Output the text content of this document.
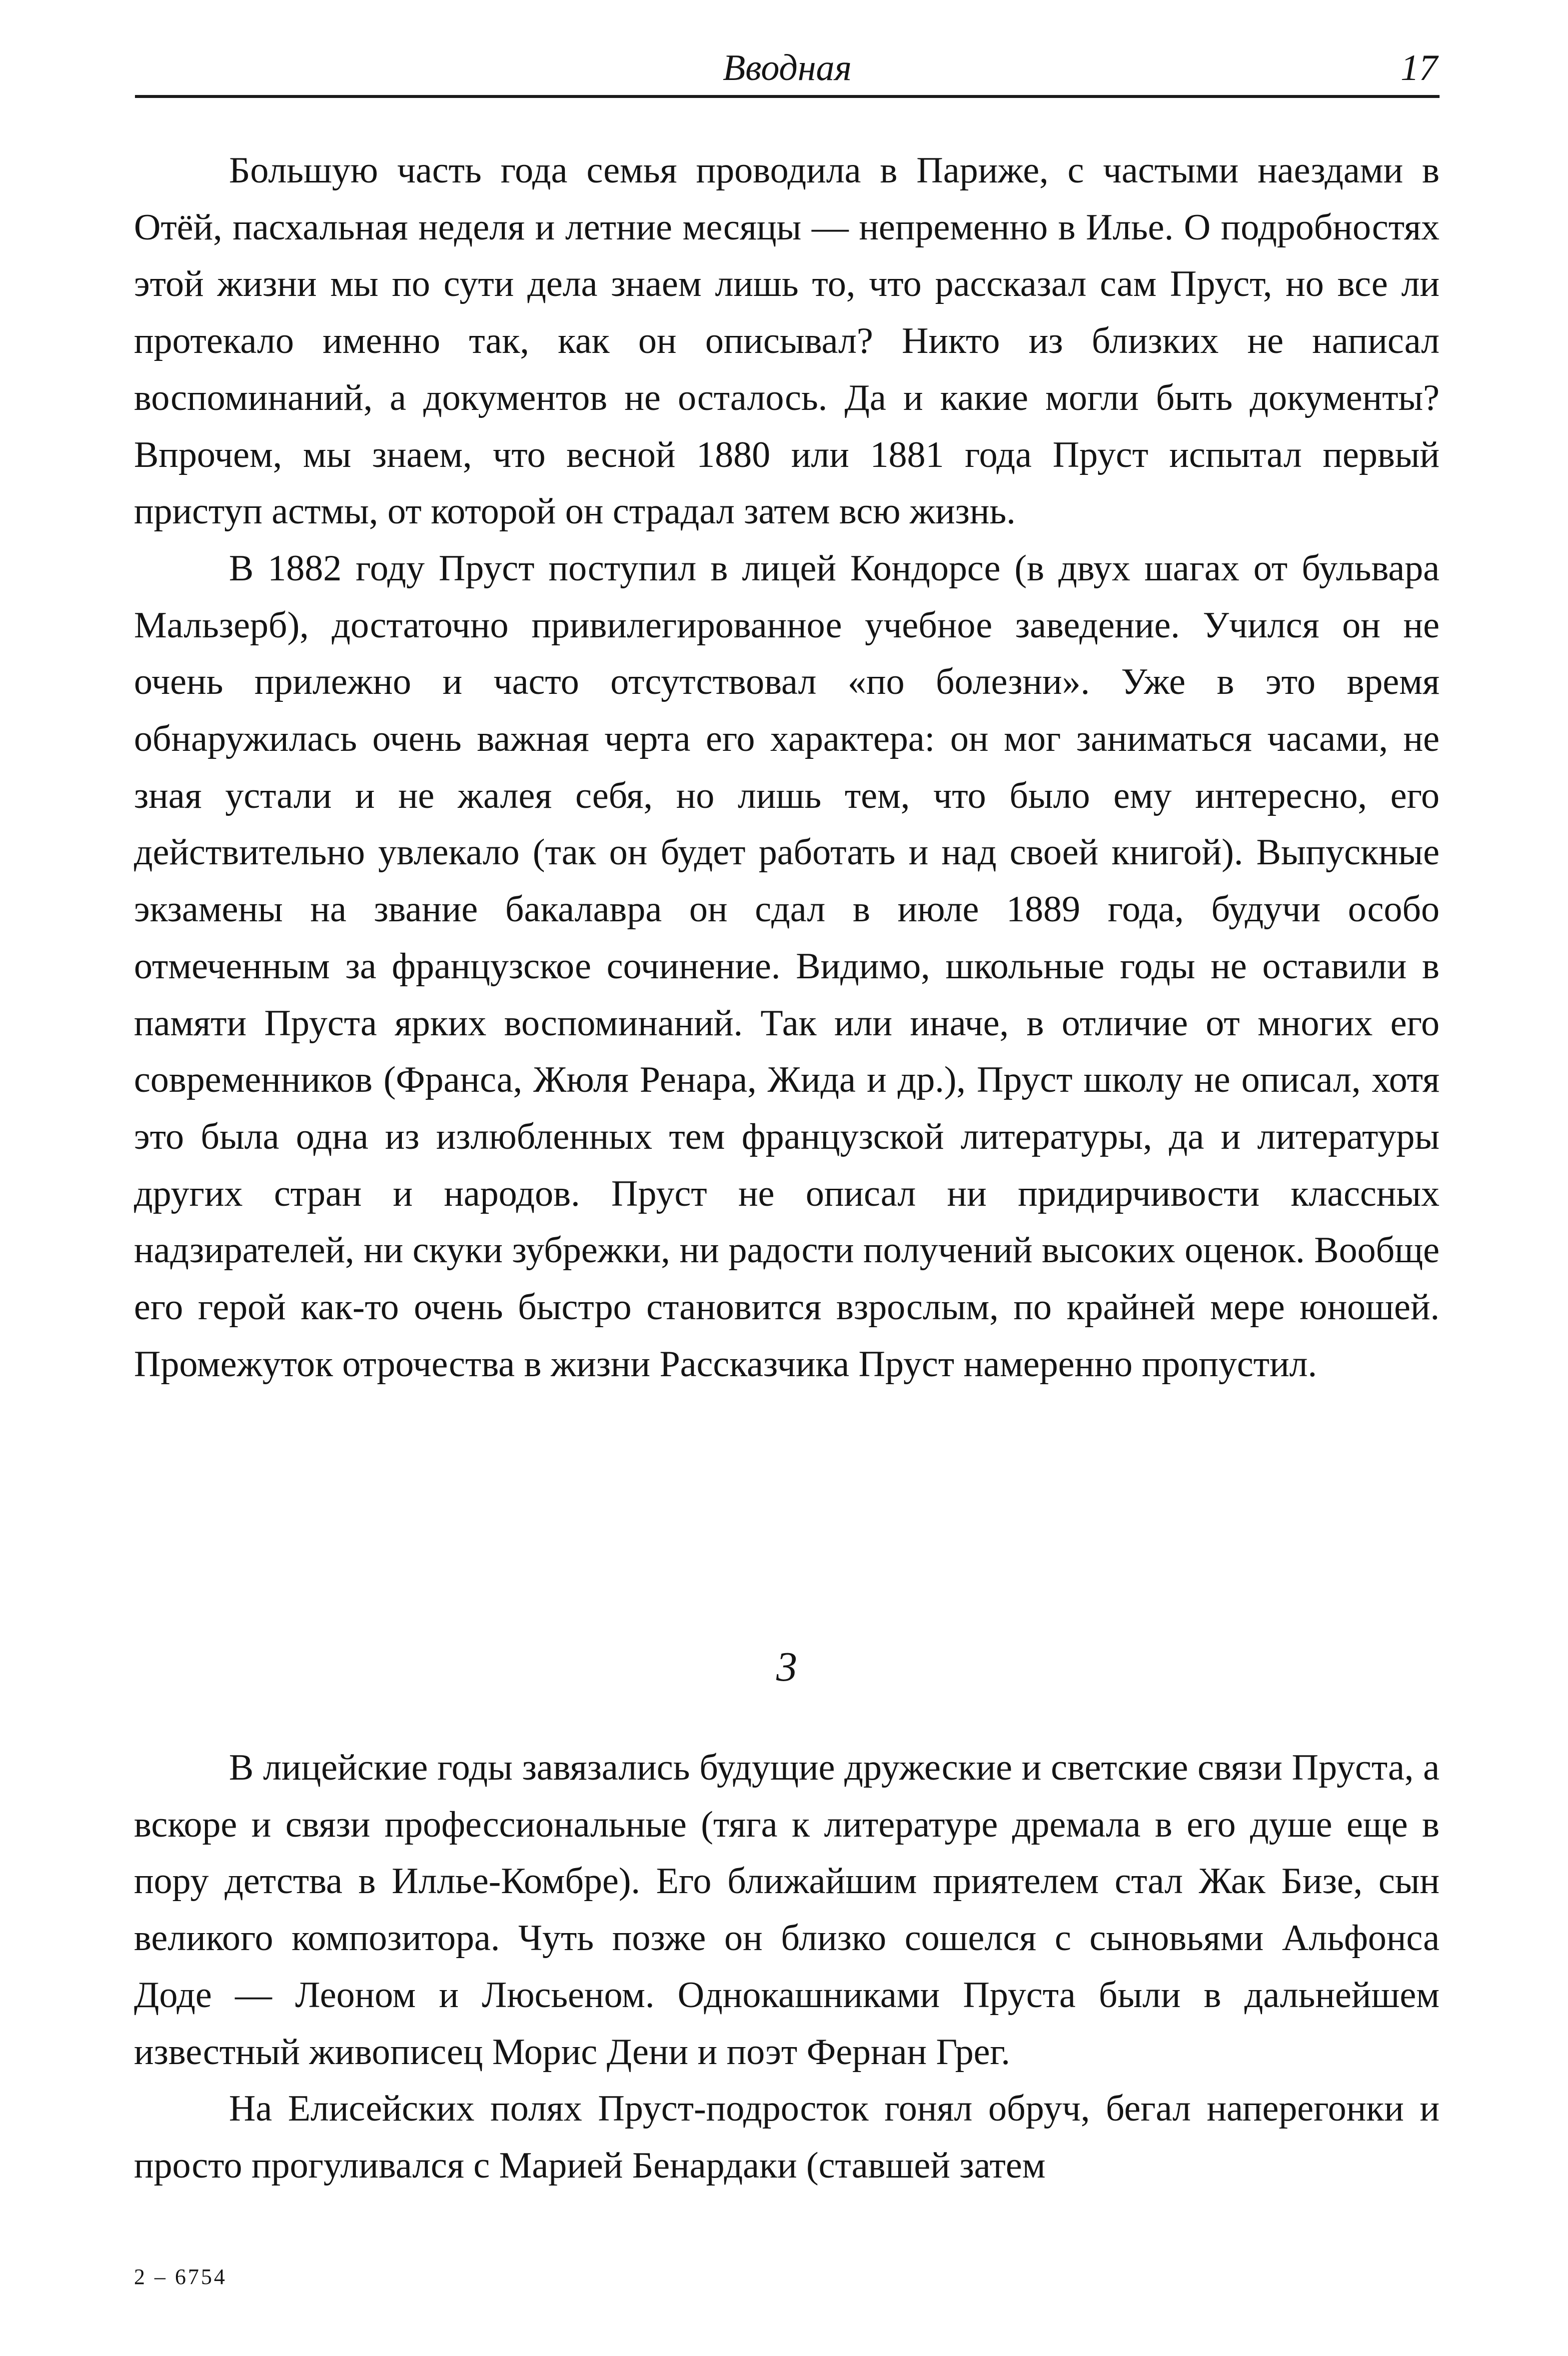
Вводная	17

Большую часть года семья проводила в Париже, с частыми наездами в Отёй, пасхальная неделя и летние месяцы — непременно в Илье. О подробностях этой жизни мы по сути дела знаем лишь то, что рассказал сам Пруст, но все ли протекало именно так, как он описывал? Никто из близких не написал воспоминаний, а документов не осталось. Да и какие могли быть документы? Впрочем, мы знаем, что весной 1880 или 1881 года Пруст испытал первый приступ астмы, от которой он страдал затем всю жизнь.

В 1882 году Пруст поступил в лицей Кондорсе (в двух шагах от бульвара Мальзерб), достаточно привилегированное учебное заведение. Учился он не очень прилежно и часто отсутствовал «по болезни». Уже в это время обнаружилась очень важная черта его характера: он мог заниматься часами, не зная устали и не жалея себя, но лишь тем, что было ему интересно, его действительно увлекало (так он будет работать и над своей книгой). Выпускные экзамены на звание бакалавра он сдал в июле 1889 года, будучи особо отмеченным за французское сочинение. Видимо, школьные годы не оставили в памяти Пруста ярких воспоминаний. Так или иначе, в отличие от многих его современников (Франса, Жюля Ренара, Жида и др.), Пруст школу не описал, хотя это была одна из излюбленных тем французской литературы, да и литературы других стран и народов. Пруст не описал ни придирчивости классных надзирателей, ни скуки зубрежки, ни радости получений высоких оценок. Вообще его герой как-то очень быстро становится взрослым, по крайней мере юношей. Промежуток отрочества в жизни Рассказчика Пруст намеренно пропустил.

3

В лицейские годы завязались будущие дружеские и светские связи Пруста, а вскоре и связи профессиональные (тяга к литературе дремала в его душе еще в пору детства в Иллье-Комбре). Его ближайшим приятелем стал Жак Бизе, сын великого композитора. Чуть позже он близко сошелся с сыновьями Альфонса Доде — Леоном и Люсьеном. Однокашниками Пруста были в дальнейшем известный живописец Морис Дени и поэт Фернан Грег.

На Елисейских полях Пруст-подросток гонял обруч, бегал наперегонки и просто прогуливался с Марией Бенардаки (ставшей затем

2 – 6754
